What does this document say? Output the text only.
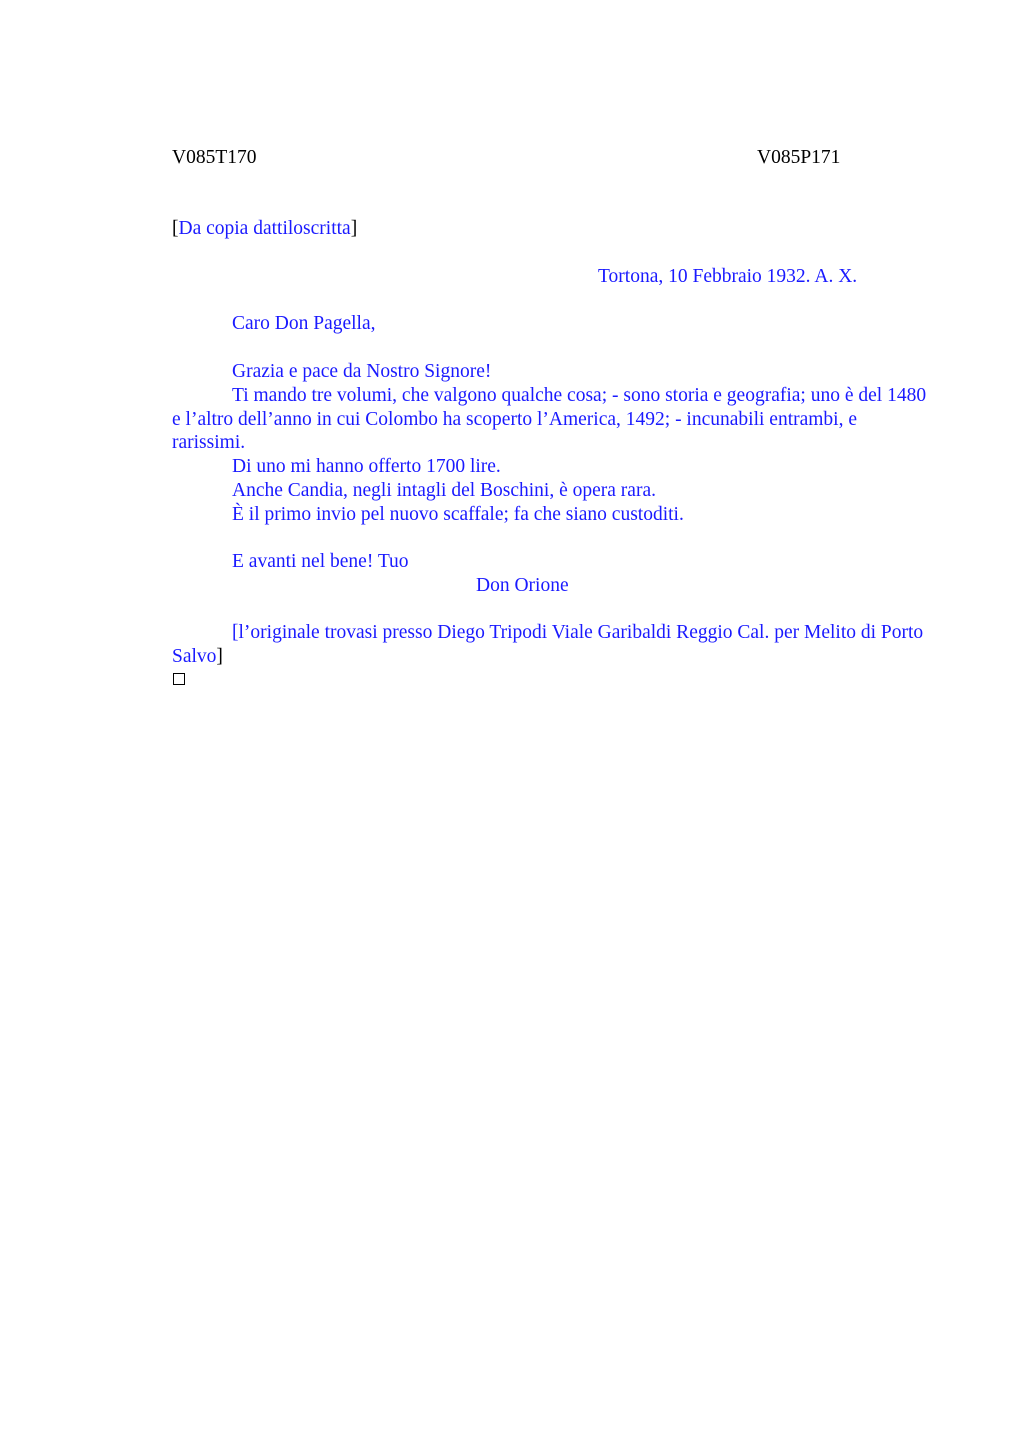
V085T170	V085P171
[Da copia dattiloscritta]
Tortona, 10 Febbraio 1932. A. X.
Caro Don Pagella,
Grazia e pace da Nostro Signore!
Ti mando tre volumi, che valgono qualche cosa; - sono storia e geografia; uno è del 1480 e l’altro dell’anno in cui Colombo ha scoperto l’America, 1492; - incunabili entrambi, e rarissimi.
Di uno mi hanno offerto 1700 lire.
Anche Candia, negli intagli del Boschini, è opera rara.
È il primo invio pel nuovo scaffale; fa che siano custoditi.
E avanti nel bene! Tuo
Don Orione
[l’originale trovasi presso Diego Tripodi Viale Garibaldi Reggio Cal. per Melito di Porto Salvo]
